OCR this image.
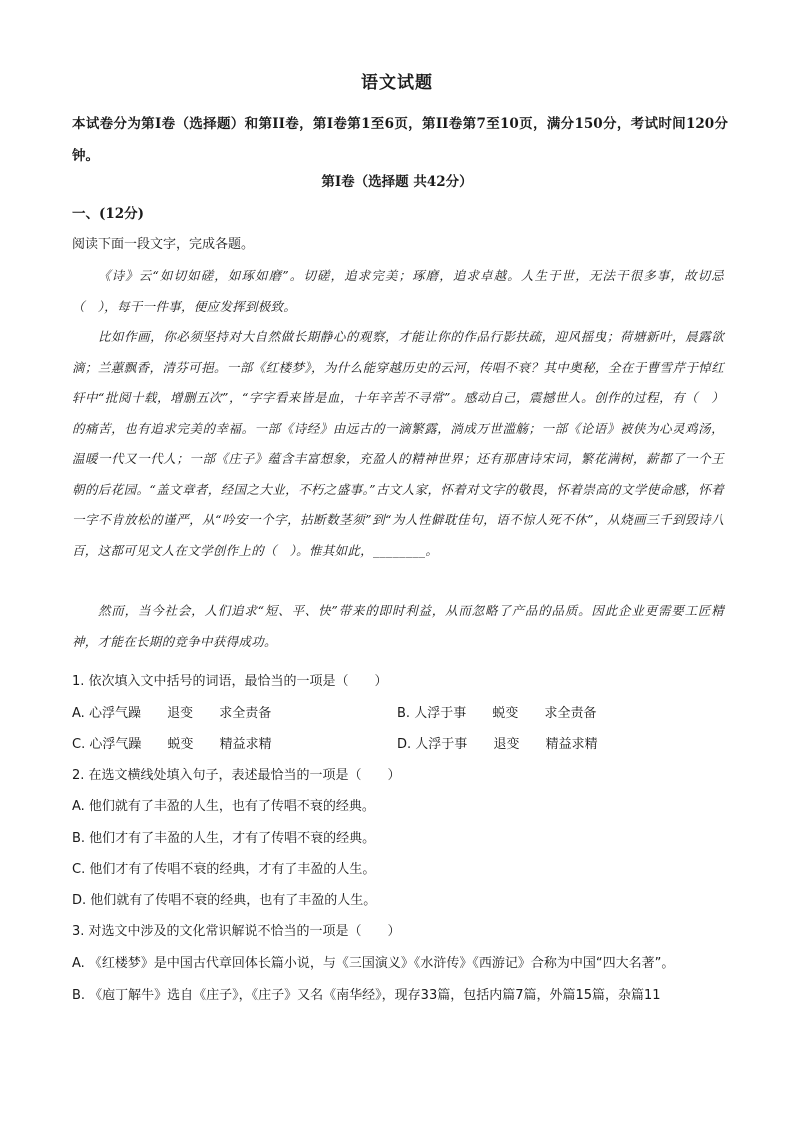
语文试题
本试卷分为第I卷（选择题）和第II卷，第I卷第1至6页，第II卷第7至10页，满分150分，考试时间120分钟。
第I卷（选择题 共42分）
一、(12分)
阅读下面一段文字，完成各题。
《诗》云“如切如磋，如琢如磨”。切磋，追求完美；琢磨，追求卓越。人生于世，无法干很多事，故切忌（　），每干一件事，便应发挥到极致。
比如作画，你必须坚持对大自然做长期静心的观察，才能让你的作品行影扶疏，迎风摇曳；荷塘新叶，晨露欲滴；兰蕙飘香，清芬可挹。一部《红楼梦》，为什么能穿越历史的云河，传唱不衰？其中奥秘，全在于曹雪芹于悼红轩中“批阅十载，增删五次”，“字字看来皆是血，十年辛苦不寻常”。感动自己，震撼世人。创作的过程，有（　）的痛苦，也有追求完美的幸福。一部《诗经》由远古的一滴繁露，淌成万世滥觞；一部《论语》被侠为心灵鸡汤，温暖一代又一代人；一部《庄子》蕴含丰富想象，充盈人的精神世界；还有那唐诗宋词，繁花满树，薪都了一个王朝的后花园。“盖文章者，经国之大业，不朽之盛事。”古文人家，怀着对文字的敬畏，怀着崇高的文学使命感，怀着一字不肯放松的谨严，从“吟安一个字，拈断数茎须”到“为人性僻耽佳句，语不惊人死不休”，从烧画三千到毁诗八百，这都可见文人在文学创作上的（　）。惟其如此，________。
然而，当今社会，人们追求“短、平、快”带来的即时利益，从而忽略了产品的品质。因此企业更需要工匠精神，才能在长期的竞争中获得成功。
1. 依次填入文中括号的词语，最恰当的一项是（　　）
A. 心浮气躁 退变 求全责备	B. 人浮于事 蜕变 求全责备
C. 心浮气躁 蜕变 精益求精	D. 人浮于事 退变 精益求精
2. 在选文横线处填入句子，表述最恰当的一项是（　　）
A. 他们就有了丰盈的人生，也有了传唱不衰的经典。
B. 他们才有了丰盈的人生，才有了传唱不衰的经典。
C. 他们才有了传唱不衰的经典，才有了丰盈的人生。
D. 他们就有了传唱不衰的经典，也有了丰盈的人生。
3. 对选文中涉及的文化常识解说不恰当的一项是（　　）
A. 《红楼梦》是中国古代章回体长篇小说，与《三国演义》《水浒传》《西游记》合称为中国“四大名著”。
B. 《庖丁解牛》选自《庄子》，《庄子》又名《南华经》，现存33篇，包括内篇7篇，外篇15篇，杂篇11
